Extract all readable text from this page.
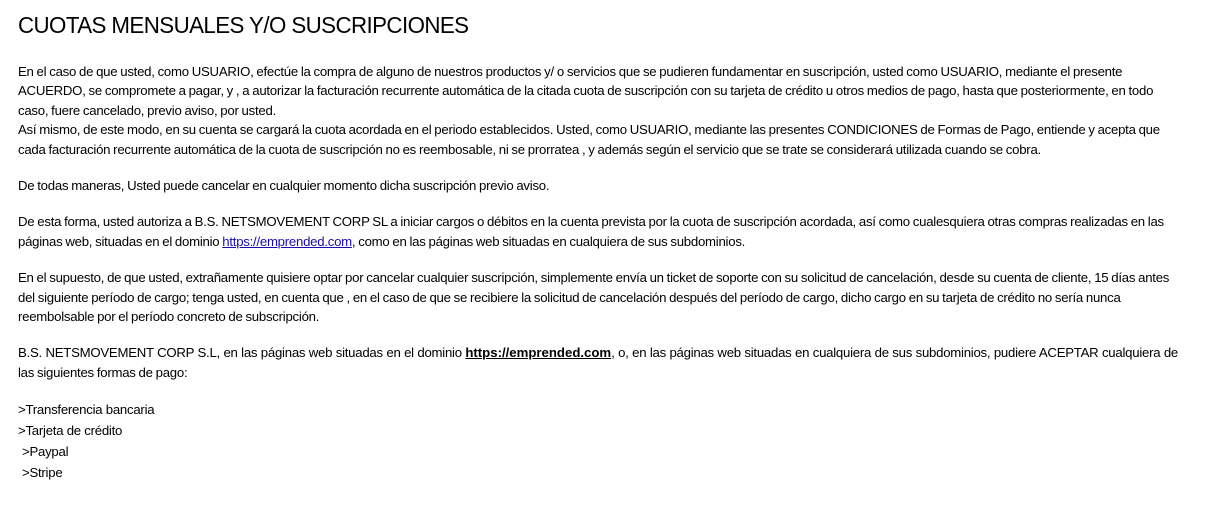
CUOTAS MENSUALES Y/O SUSCRIPCIONES

En el caso de que usted, como USUARIO, efectúe la compra de alguno de nuestros productos y/ o servicios que se pudieren fundamentar en suscripción, usted como USUARIO, mediante el presente ACUERDO, se compromete a pagar, y , a autorizar la facturación recurrente automática de la citada cuota de suscripción con su tarjeta de crédito u otros medios de pago, hasta que posteriormente, en todo caso, fuere cancelado, previo aviso, por usted.
Así mismo, de este modo, en su cuenta se cargará la cuota acordada en el periodo establecidos. Usted, como USUARIO, mediante las presentes CONDICIONES de Formas de Pago, entiende y acepta que cada facturación recurrente automática de la cuota de suscripción no es reembosable, ni se prorratea , y además según el servicio que se trate se considerará utilizada cuando se cobra.

De todas maneras, Usted puede cancelar en cualquier momento dicha suscripción previo aviso.

De esta forma, usted autoriza a B.S. NETSMOVEMENT CORP SL a iniciar cargos o débitos en la cuenta prevista por la cuota de suscripción acordada, así como cualesquiera otras compras realizadas en las páginas web, situadas en el dominio https://emprended.com, como en las páginas web situadas en cualquiera de sus subdominios.

En el supuesto, de que usted, extrañamente quisiere optar por cancelar cualquier suscripción, simplemente envía un ticket de soporte con su solicitud de cancelación, desde su cuenta de cliente, 15 días antes del siguiente período de cargo; tenga usted, en cuenta que , en el caso de que se recibiere la solicitud de cancelación después del período de cargo, dicho cargo en su tarjeta de crédito no sería nunca reembolsable por el período concreto de subscripción.

B.S. NETSMOVEMENT CORP S.L, en las páginas web situadas en el dominio https://emprended.com, o, en las páginas web situadas en cualquiera de sus subdominios, pudiere ACEPTAR cualquiera de las siguientes formas de pago:

>Transferencia bancaria
>Tarjeta de crédito
>Paypal
>Stripe
